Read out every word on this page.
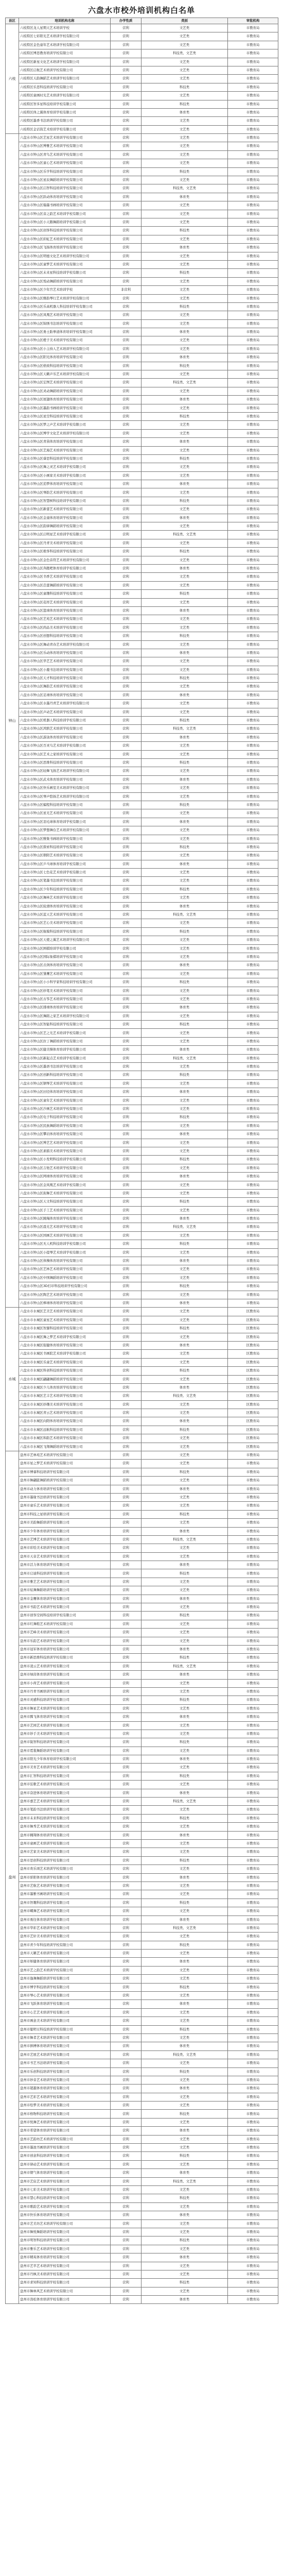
六盘水市校外培训机构白名单
县区	培训机构名称	办学性质	类别	审批机构
六枝	六枝特区龙人星期天艺术培训学校	营利	文艺类	市教育局
	六枝特区七彩阳光艺术培训学校有限公司	营利	文艺类	市教育局
	六枝特区金色童年艺术培训学校有限公司	营利	文艺类	市教育局
	六枝特区博思教育培训学校有限公司	营利	科技类、文艺类	市教育局
	六枝特区新星文化艺术培训学校有限公司	营利	文艺类	市教育局
	六枝特区启航艺术培训学校有限公司	营利	文艺类	市教育局
	六枝特区天韵舞蹈艺术培训学校有限公司	营利	文艺类	市教育局
	六枝特区乐思科技培训学校有限公司	营利	科技类	市教育局
	六枝特区童画时光艺术培训学校有限公司	营利	文艺类	市教育局
	六枝特区智多星科技培训学校有限公司	营利	科技类	市教育局
	六枝特区体之翼体育培训学校有限公司	营利	体育类	市教育局
	六枝特区墨香书法培训学校有限公司	营利	文艺类	市教育局
	六枝特区金话筒艺术培训学校有限公司	营利	文艺类	市教育局
钟山	六盘水市钟山区艺星艺术培训学校有限公司	营利	文艺类	市教育局
	六盘水市钟山区博雅艺术培训学校有限公司	营利	文艺类	市教育局
	六盘水市钟山区青鸟艺术培训学校有限公司	营利	文艺类	市教育局
	六盘水市钟山区童心艺术培训学校有限公司	营利	文艺类	市教育局
	六盘水市钟山区乐学科技培训学校有限公司	营利	科技类	市教育局
	六盘水市钟山区星辰舞蹈培训学校有限公司	营利	文艺类	市教育局
	六盘水市钟山区启智科技培训学校有限公司	营利	科技类、文艺类	市教育局
	六盘水市钟山区跃动体育培训学校有限公司	营利	体育类	市教育局
	六盘水市钟山区翰墨书画培训学校有限公司	营利	文艺类	市教育局
	六盘水市钟山区音之韵艺术培训学校有限公司	营利	文艺类	市教育局
	六盘水市钟山区小天鹅舞蹈培训学校有限公司	营利	文艺类	市教育局
	六盘水市钟山区创客科技培训学校有限公司	营利	科技类	市教育局
	六盘水市钟山区彩虹艺术培训学校有限公司	营利	文艺类	市教育局
	六盘水市钟山区飞扬体育培训学校有限公司	营利	体育类	市教育局
	六盘水市钟山区明德文化艺术培训学校有限公司	营利	文艺类	市教育局
	六盘水市钟山区童梦艺术培训学校有限公司	营利	文艺类	市教育局
	六盘水市钟山区未来星科技培训学校有限公司	营利	科技类	市教育局
	六盘水市钟山区悦动舞蹈培训学校有限公司	营利	文艺类	市教育局
	六盘水市钟山区少年宫艺术培训学校	非营利	文艺类	市教育局
	六盘水市钟山区雅韵琴行艺术培训学校有限公司	营利	文艺类	市教育局
	六盘水市钟山区乐高机器人科技培训学校有限公司	营利	科技类	市教育局
	六盘水市钟山区凤凰艺术培训学校有限公司	营利	文艺类	市教育局
	六盘水市钟山区锦绣书法培训学校有限公司	营利	文艺类	市教育局
	六盘水市钟山区勇士跆拳道体育培训学校有限公司	营利	体育类	市教育局
	六盘水市钟山区橙子美术培训学校有限公司	营利	文艺类	市教育局
	六盘水市钟山区小主持人艺术培训学校有限公司	营利	文艺类	市教育局
	六盘水市钟山区阳光体育培训学校有限公司	营利	体育类	市教育局
	六盘水市钟山区格致科技培训学校有限公司	营利	科技类	市教育局
	六盘水市钟山区天籁声乐艺术培训学校有限公司	营利	文艺类	市教育局
	六盘水市钟山区宏图艺术培训学校有限公司	营利	科技类、文艺类	市教育局
	六盘水市钟山区灵动舞蹈培训学校有限公司	营利	文艺类	市教育局
	六盘水市钟山区展翅体育培训学校有限公司	营利	体育类	市教育局
	六盘水市钟山区墨韵书画培训学校有限公司	营利	文艺类	市教育局
	六盘水市钟山区星空科技培训学校有限公司	营利	科技类	市教育局
	六盘水市钟山区梦之声艺术培训学校有限公司	营利	文艺类	市教育局
	六盘水市钟山区博学文化艺术培训学校有限公司	营利	文艺类	市教育局
	六盘水市钟山区青苗体育培训学校有限公司	营利	体育类	市教育局
	六盘水市钟山区艺海艺术培训学校有限公司	营利	文艺类	市教育局
	六盘水市钟山区睿思科技培训学校有限公司	营利	科技类	市教育局
	六盘水市钟山区舞之灵艺术培训学校有限公司	营利	文艺类	市教育局
	六盘水市钟山区小画家美术培训学校有限公司	营利	文艺类	市教育局
	六盘水市钟山区追梦体育培训学校有限公司	营利	体育类	市教育局
	六盘水市钟山区琴韵艺术培训学校有限公司	营利	文艺类	市教育局
	六盘水市钟山区智慧树科技培训学校有限公司	营利	科技类	市教育局
	六盘水市钟山区新蕾艺术培训学校有限公司	营利	文艺类	市教育局
	六盘水市钟山区金童体育培训学校有限公司	营利	体育类	市教育局
	六盘水市钟山区韵律舞蹈培训学校有限公司	营利	文艺类	市教育局
	六盘水市钟山区启明星艺术培训学校有限公司	营利	科技类、文艺类	市教育局
	六盘水市钟山区丹青美术培训学校有限公司	营利	文艺类	市教育局
	六盘水市钟山区极客科技培训学校有限公司	营利	科技类	市教育局
	六盘水市钟山区金色音符艺术培训学校有限公司	营利	文艺类	市教育局
	六盘水市钟山区奔跑吧体育培训学校有限公司	营利	体育类	市教育局
	六盘水市钟山区书香艺术培训学校有限公司	营利	文艺类	市教育局
	六盘水市钟山区芭蕾舞蹈培训学校有限公司	营利	文艺类	市教育局
	六盘水市钟山区童趣科技培训学校有限公司	营利	科技类	市教育局
	六盘水市钟山区花样艺术培训学校有限公司	营利	文艺类	市教育局
	六盘水市钟山区篮球体育培训学校有限公司	营利	体育类	市教育局
	六盘水市钟山区艺苑艺术培训学校有限公司	营利	文艺类	市教育局
	六盘水市钟山区尚品美术培训学校有限公司	营利	文艺类	市教育局
	六盘水市钟山区创想科技培训学校有限公司	营利	科技类	市教育局
	六盘水市钟山区舞动青春艺术培训学校有限公司	营利	文艺类	市教育局
	六盘水市钟山区乐动体育培训学校有限公司	营利	体育类	市教育局
	六盘水市钟山区华艺艺术培训学校有限公司	营利	文艺类	市教育局
	六盘水市钟山区小鹿书法培训学校有限公司	营利	文艺类	市教育局
	六盘水市钟山区天才科技培训学校有限公司	营利	科技类	市教育局
	六盘水市钟山区舞韵艺术培训学校有限公司	营利	文艺类	市教育局
	六盘水市钟山区足球体育培训学校有限公司	营利	体育类	市教育局
	六盘水市钟山区水墨丹青艺术培训学校有限公司	营利	文艺类	市教育局
	六盘水市钟山区声动艺术培训学校有限公司	营利	文艺类	市教育局
	六盘水市钟山区机器人科技培训学校有限公司	营利	科技类	市教育局
	六盘水市钟山区鸿鹄艺术培训学校有限公司	营利	科技类、文艺类	市教育局
	六盘水市钟山区游泳体育培训学校有限公司	营利	体育类	市教育局
	六盘水市钟山区百灵鸟艺术培训学校有限公司	营利	文艺类	市教育局
	六盘水市钟山区艺术之家培训学校有限公司	营利	文艺类	市教育局
	六盘水市钟山区思维科技培训学校有限公司	营利	科技类	市教育局
	六盘水市钟山区轻舞飞扬艺术培训学校有限公司	营利	文艺类	市教育局
	六盘水市钟山区武术体育培训学校有限公司	营利	体育类	市教育局
	六盘水市钟山区快乐画室美术培训学校有限公司	营利	文艺类	市教育局
	六盘水市钟山区琴声悠扬艺术培训学校有限公司	营利	文艺类	市教育局
	六盘水市钟山区编程科技培训学校有限公司	营利	科技类	市教育局
	六盘水市钟山区星光艺术培训学校有限公司	营利	文艺类	市教育局
	六盘水市钟山区羽毛球体育培训学校有限公司	营利	体育类	市教育局
	六盘水市钟山区梦想舞台艺术培训学校有限公司	营利	文艺类	市教育局
	六盘水市钟山区雅集书画培训学校有限公司	营利	文艺类	市教育局
	六盘水市钟山区探索科技培训学校有限公司	营利	科技类	市教育局
	六盘水市钟山区朝阳艺术培训学校有限公司	营利	文艺类	市教育局
	六盘水市钟山区乒乓球体育培训学校有限公司	营利	体育类	市教育局
	六盘水市钟山区七色花艺术培训学校有限公司	营利	文艺类	市教育局
	六盘水市钟山区笔墨书法培训学校有限公司	营利	文艺类	市教育局
	六盘水市钟山区少年科技培训学校有限公司	营利	科技类	市教育局
	六盘水市钟山区舞林艺术培训学校有限公司	营利	文艺类	市教育局
	六盘水市钟山区轮滑体育培训学校有限公司	营利	体育类	市教育局
	六盘水市钟山区蓝天艺术培训学校有限公司	营利	科技类、文艺类	市教育局
	六盘水市钟山区艺心美术培训学校有限公司	营利	文艺类	市教育局
	六盘水市钟山区航模科技培训学校有限公司	营利	科技类	市教育局
	六盘水市钟山区天使之翼艺术培训学校有限公司	营利	文艺类	市教育局
	六盘水市钟山区围棋培训学校有限公司	营利	文艺类	市教育局
	六盘水市钟山区国际象棋培训学校有限公司	营利	文艺类	市教育局
	六盘水市钟山区击剑体育培训学校有限公司	营利	体育类	市教育局
	六盘水市钟山区雏鹰艺术培训学校有限公司	营利	文艺类	市教育局
	六盘水市钟山区小小科学家科技培训学校有限公司	营利	科技类	市教育局
	六盘水市钟山区妙笔美术培训学校有限公司	营利	文艺类	市教育局
	六盘水市钟山区古筝艺术培训学校有限公司	营利	文艺类	市教育局
	六盘水市钟山区排球体育培训学校有限公司	营利	体育类	市教育局
	六盘水市钟山区舞蹈之家艺术培训学校有限公司	营利	文艺类	市教育局
	六盘水市钟山区智能科技培训学校有限公司	营利	科技类	市教育局
	六盘水市钟山区艺之光艺术培训学校有限公司	营利	文艺类	市教育局
	六盘水市钟山区拉丁舞蹈培训学校有限公司	营利	文艺类	市教育局
	六盘水市钟山区健美操体育培训学校有限公司	营利	体育类	市教育局
	六盘水市钟山区新起点艺术培训学校有限公司	营利	科技类、文艺类	市教育局
	六盘水市钟山区墨语书法培训学校有限公司	营利	文艺类	市教育局
	六盘水市钟山区创新科技培训学校有限公司	营利	科技类	市教育局
	六盘水市钟山区钢琴艺术培训学校有限公司	营利	文艺类	市教育局
	六盘水市钟山区田径体育培训学校有限公司	营利	体育类	市教育局
	六盘水市钟山区童年艺术培训学校有限公司	营利	文艺类	市教育局
	六盘水市钟山区沙画艺术培训学校有限公司	营利	文艺类	市教育局
	六盘水市钟山区电子科技培训学校有限公司	营利	科技类	市教育局
	六盘水市钟山区民族舞蹈培训学校有限公司	营利	文艺类	市教育局
	六盘水市钟山区攀岩体育培训学校有限公司	营利	体育类	市教育局
	六盘水市钟山区博艺艺术培训学校有限公司	营利	文艺类	市教育局
	六盘水市钟山区素描美术培训学校有限公司	营利	文艺类	市教育局
	六盘水市钟山区小发明科技培训学校有限公司	营利	科技类	市教育局
	六盘水市钟山区吉他艺术培训学校有限公司	营利	文艺类	市教育局
	六盘水市钟山区网球体育培训学校有限公司	营利	体育类	市教育局
	六盘水市钟山区金凤凰艺术培训学校有限公司	营利	文艺类	市教育局
	六盘水市钟山区街舞艺术培训学校有限公司	营利	文艺类	市教育局
	六盘水市钟山区天文科技培训学校有限公司	营利	科技类	市教育局
	六盘水市钟山区手工艺术培训学校有限公司	营利	文艺类	市教育局
	六盘水市钟山区跳绳体育培训学校有限公司	营利	体育类	市教育局
	六盘水市钟山区晨光艺术培训学校有限公司	营利	科技类、文艺类	市教育局
	六盘水市钟山区国画艺术培训学校有限公司	营利	文艺类	市教育局
	六盘水市钟山区无人机科技培训学校有限公司	营利	科技类	市教育局
	六盘水市钟山区小提琴艺术培训学校有限公司	营利	文艺类	市教育局
	六盘水市钟山区体操体育培训学校有限公司	营利	体育类	市教育局
	六盘水市钟山区艺林艺术培训学校有限公司	营利	文艺类	市教育局
	六盘水市钟山区中国舞蹈培训学校有限公司	营利	文艺类	市教育局
	六盘水市钟山区3D打印科技培训学校有限公司	营利	科技类	市教育局
	六盘水市钟山区陶艺艺术培训学校有限公司	营利	文艺类	市教育局
	六盘水市钟山区棒球体育培训学校有限公司	营利	体育类	市教育局
水城	六盘水市水城区艺美艺术培训学校有限公司	营利	文艺类	区教育局
	六盘水市水城区童星艺术培训学校有限公司	营利	文艺类	区教育局
	六盘水市水城区智源科技培训学校有限公司	营利	科技类	区教育局
	六盘水市水城区舞之梦艺术培训学校有限公司	营利	文艺类	区教育局
	六盘水市水城区强健体育培训学校有限公司	营利	体育类	区教育局
	六盘水市水城区书画院艺术培训学校有限公司	营利	文艺类	区教育局
	六盘水市水城区乐童艺术培训学校有限公司	营利	文艺类	区教育局
	六盘水市水城区科创科技培训学校有限公司	营利	科技类	区教育局
	六盘水市水城区翩翩舞蹈培训学校有限公司	营利	文艺类	区教育局
	六盘水市水城区少儿体育培训学校有限公司	营利	体育类	区教育局
	六盘水市水城区艺丰艺术培训学校有限公司	营利	科技类、文艺类	区教育局
	六盘水市水城区妙趣美术培训学校有限公司	营利	文艺类	区教育局
	六盘水市水城区青云艺术培训学校有限公司	营利	文艺类	区教育局
	六盘水市水城区向阳体育培训学校有限公司	营利	体育类	区教育局
	六盘水市水城区远航科技培训学校有限公司	营利	科技类	区教育局
	六盘水市水城区和韵艺术培训学校有限公司	营利	文艺类	区教育局
	六盘水市水城区飞翔舞蹈培训学校有限公司	营利	文艺类	区教育局
盘州	盘州市艺林苑艺术培训学校有限公司	营利	文艺类	市教育局
	盘州市星之梦艺术培训学校有限公司	营利	文艺类	市教育局
	盘州市博睿科技培训学校有限公司	营利	科技类	市教育局
	盘州市舞翩跹舞蹈培训学校有限公司	营利	文艺类	市教育局
	盘州市动力体育培训学校有限公司	营利	体育类	市教育局
	盘州市墨缘书法培训学校有限公司	营利	文艺类	市教育局
	盘州市童乐艺术培训学校有限公司	营利	文艺类	市教育局
	盘州市科技之星培训学校有限公司	营利	科技类	市教育局
	盘州市美韵舞蹈培训学校有限公司	营利	文艺类	市教育局
	盘州市少年体育培训学校有限公司	营利	体育类	市教育局
	盘州市艺博艺术培训学校有限公司	营利	科技类、文艺类	市教育局
	盘州市彩绘美术培训学校有限公司	营利	文艺类	市教育局
	盘州市天音艺术培训学校有限公司	营利	文艺类	市教育局
	盘州市活力体育培训学校有限公司	营利	体育类	市教育局
	盘州市启迪科技培训学校有限公司	营利	科技类	市教育局
	盘州市雅艺艺术培训学校有限公司	营利	文艺类	市教育局
	盘州市炫舞舞蹈培训学校有限公司	营利	文艺类	市教育局
	盘州市金鹰体育培训学校有限公司	营利	体育类	市教育局
	盘州市书韵艺术培训学校有限公司	营利	文艺类	市教育局
	盘州市创客空间科技培训学校有限公司	营利	科技类	市教育局
	盘州市红舞鞋艺术培训学校有限公司	营利	文艺类	市教育局
	盘州市艺峰美术培训学校有限公司	营利	文艺类	市教育局
	盘州市乐韵艺术培训学校有限公司	营利	文艺类	市教育局
	盘州市冠军体育培训学校有限公司	营利	体育类	市教育局
	盘州市新思维科技培训学校有限公司	营利	科技类	市教育局
	盘州市凌云艺术培训学校有限公司	营利	科技类、文艺类	市教育局
	盘州市绿茵体育培训学校有限公司	营利	体育类	市教育局
	盘州市小荷艺术培训学校有限公司	营利	文艺类	市教育局
	盘州市丹青书画培训学校有限公司	营利	文艺类	市教育局
	盘州市灵感科技培训学校有限公司	营利	科技类	市教育局
	盘州市舞星艺术培训学校有限公司	营利	文艺类	市教育局
	盘州市腾飞体育培训学校有限公司	营利	体育类	市教育局
	盘州市艺园艺术培训学校有限公司	营利	文艺类	市教育局
	盘州市妙手美术培训学校有限公司	营利	文艺类	市教育局
	盘州市锐智科技培训学校有限公司	营利	科技类	市教育局
	盘州市霓裳舞蹈培训学校有限公司	营利	文艺类	市教育局
	盘州市阳光少年体育培训学校有限公司	营利	体育类	市教育局
	盘州市美育艺术培训学校有限公司	营利	文艺类	市教育局
	盘州市汇智科技培训学校有限公司	营利	科技类	市教育局
	盘州市弦歌艺术培训学校有限公司	营利	文艺类	市教育局
	盘州市奋进体育培训学校有限公司	营利	体育类	市教育局
	盘州市嘉艺艺术培训学校有限公司	营利	科技类、文艺类	市教育局
	盘州市笔韵书法培训学校有限公司	营利	文艺类	市教育局
	盘州市未来科技培训学校有限公司	营利	科技类	市教育局
	盘州市舞秀艺术培训学校有限公司	营利	文艺类	市教育局
	盘州市翱翔体育培训学校有限公司	营利	体育类	市教育局
	盘州市童画艺术培训学校有限公司	营利	文艺类	市教育局
	盘州市艺家美术培训学校有限公司	营利	文艺类	市教育局
	盘州市思创科技培训学校有限公司	营利	科技类	市教育局
	盘州市欢乐颂艺术培训学校有限公司	营利	文艺类	市教育局
	盘州市骄阳体育培训学校有限公司	营利	体育类	市教育局
	盘州市艺航艺术培训学校有限公司	营利	文艺类	市教育局
	盘州市墨雅书画培训学校有限公司	营利	文艺类	市教育局
	盘州市智趣科技培训学校有限公司	营利	科技类	市教育局
	盘州市蝶舞艺术培训学校有限公司	营利	文艺类	市教育局
	盘州市勇往体育培训学校有限公司	营利	体育类	市教育局
	盘州市华彩艺术培训学校有限公司	营利	科技类、文艺类	市教育局
	盘州市艺轩美术培训学校有限公司	营利	文艺类	市教育局
	盘州市青少年科技培训学校有限公司	营利	科技类	市教育局
	盘州市天籁艺术培训学校有限公司	营利	文艺类	市教育局
	盘州市矫健体育培训学校有限公司	营利	体育类	市教育局
	盘州市艺之韵艺术培训学校有限公司	营利	文艺类	市教育局
	盘州市逸舞舞蹈培训学校有限公司	营利	文艺类	市教育局
	盘州市博学科技培训学校有限公司	营利	科技类	市教育局
	盘州市琴心艺术培训学校有限公司	营利	文艺类	市教育局
	盘州市飞跃体育培训学校有限公司	营利	体育类	市教育局
	盘州市心艺艺术培训学校有限公司	营利	文艺类	市教育局
	盘州市画意美术培训学校有限公司	营利	文艺类	市教育局
	盘州市聪明豆科技培训学校有限公司	营利	科技类	市教育局
	盘州市舞者艺术培训学校有限公司	营利	文艺类	市教育局
	盘州市拼搏体育培训学校有限公司	营利	体育类	市教育局
	盘州市艺展艺术培训学校有限公司	营利	科技类、文艺类	市教育局
	盘州市书艺书法培训学校有限公司	营利	文艺类	市教育局
	盘州市乐创科技培训学校有限公司	营利	科技类	市教育局
	盘州市妙音艺术培训学校有限公司	营利	文艺类	市教育局
	盘州市超越体育培训学校有限公司	营利	体育类	市教育局
	盘州市艺彩艺术培训学校有限公司	营利	文艺类	市教育局
	盘州市绘梦美术培训学校有限公司	营利	文艺类	市教育局
	盘州市格物科技培训学校有限公司	营利	科技类	市教育局
	盘州市悦舞艺术培训学校有限公司	营利	文艺类	市教育局
	盘州市希望体育培训学校有限公司	营利	体育类	市教育局
	盘州市艺韵坊艺术培训学校有限公司	营利	文艺类	市教育局
	盘州市墨池书画培训学校有限公司	营利	文艺类	市教育局
	盘州市创意科技培训学校有限公司	营利	科技类	市教育局
	盘州市律动艺术培训学校有限公司	营利	文艺类	市教育局
	盘州市朝气体育培训学校有限公司	营利	体育类	市教育局
	盘州市艺宸艺术培训学校有限公司	营利	科技类、文艺类	市教育局
	盘州市七彩美术培训学校有限公司	营利	文艺类	市教育局
	盘州市慧心科技培训学校有限公司	营利	科技类	市教育局
	盘州市歌韵艺术培训学校有限公司	营利	文艺类	市教育局
	盘州市快乐体育培训学校有限公司	营利	体育类	市教育局
	盘州市艺美坊艺术培训学校有限公司	营利	文艺类	市教育局
	盘州市舞悦舞蹈培训学校有限公司	营利	文艺类	市教育局
	盘州市明智科技培训学校有限公司	营利	科技类	市教育局
	盘州市雅乐艺术培训学校有限公司	营利	文艺类	市教育局
	盘州市精英体育培训学校有限公司	营利	体育类	市教育局
	盘州市艺萃艺术培训学校有限公司	营利	文艺类	市教育局
	盘州市丹枫美术培训学校有限公司	营利	文艺类	市教育局
	盘州市求知科技培训学校有限公司	营利	科技类	市教育局
	盘州市舞林风艺术培训学校有限公司	营利	文艺类	市教育局
	盘州市劲松体育培训学校有限公司	营利	体育类	市教育局
